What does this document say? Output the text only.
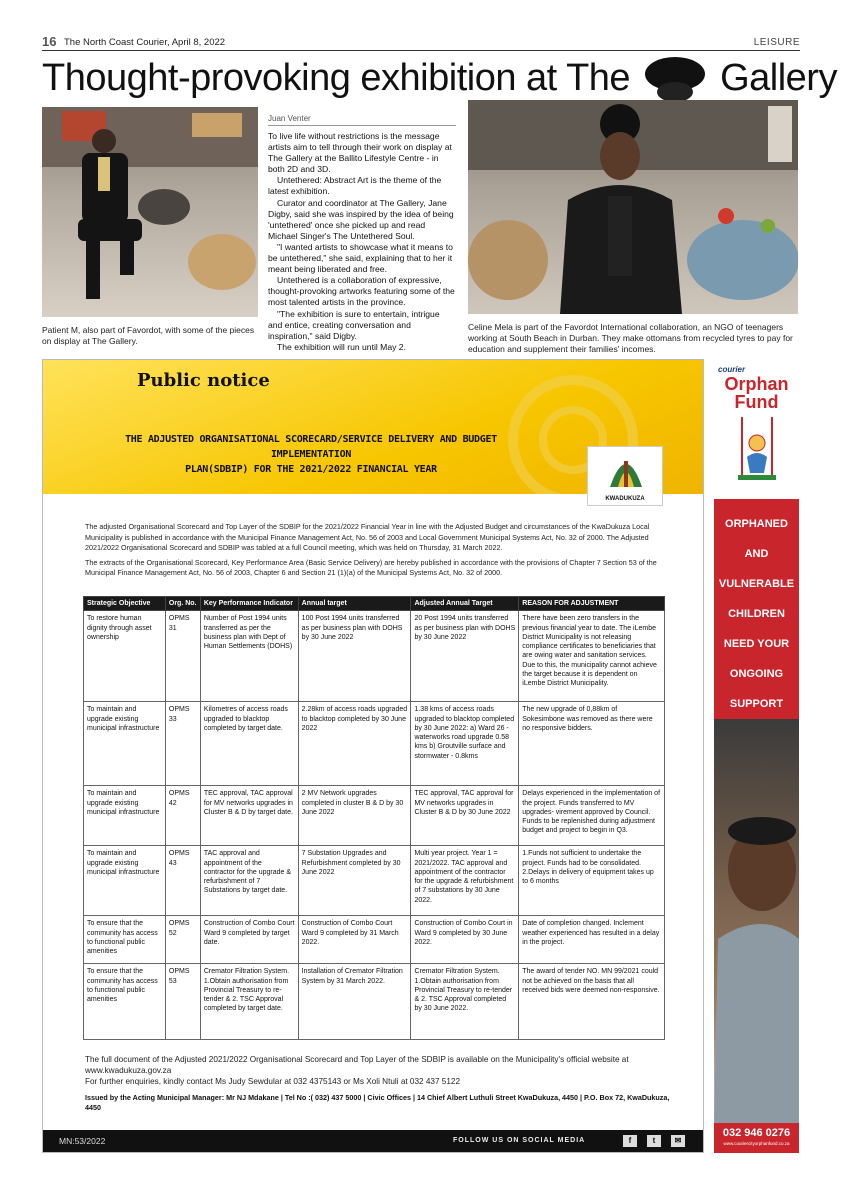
16 The North Coast Courier, April 8, 2022	LEISURE
Thought-provoking exhibition at The Gallery
Patient M, also part of Favordot, with some of the pieces on display at The Gallery.
Juan Venter

To live life without restrictions is the message artists aim to tell through their work on display at The Gallery at the Ballito Lifestyle Centre - in both 2D and 3D.

Untethered: Abstract Art is the theme of the latest exhibition.

Curator and coordinator at The Gallery, Jane Digby, said she was inspired by the idea of being 'untethered' once she picked up and read Michael Singer's The Untethered Soul.

"I wanted artists to showcase what it means to be untethered," she said, explaining that to her it meant being liberated and free.

Untethered is a collaboration of expressive, thought-provoking artworks featuring some of the most talented artists in the province.

"The exhibition is sure to entertain, intrigue and entice, creating conversation and inspiration," said Digby.

The exhibition will run until May 2.

Celine Mela is part of the Favordot International collaboration, an NGO of teenagers working at South Beach in Durban. They make ottomans from recycled tyres to pay for education and supplement their families' incomes.
Public notice
THE ADJUSTED ORGANISATIONAL SCORECARD/SERVICE DELIVERY AND BUDGET IMPLEMENTATION
PLAN(SDBIP) FOR THE 2021/2022 FINANCIAL YEAR
KWADUKUZA

The adjusted Organisational Scorecard and Top Layer of the SDBIP for the 2021/2022 Financial Year in line with the Adjusted Budget and circumstances of the KwaDukuza Local Municipality is published in accordance with the Municipal Finance Management Act, No. 56 of 2003 and Local Government Municipal Systems Act, No. 32 of 2000. The Adjusted 2021/2022 Organisational Scorecard and SDBIP was tabled at a full Council meeting, which was held on Thursday, 31 March 2022.

The extracts of the Organisational Scorecard, Key Performance Area (Basic Service Delivery) are hereby published in accordance with the provisions of Chapter 7 Section 53 of the Municipal Finance Management Act, No. 56 of 2003, Chapter 6 and Section 21 (1)(a) of the Municipal Systems Act, No. 32 of 2000.

Strategic Objective	Org. No.	Key Performance Indicator	Annual target	Adjusted Annual Target	REASON FOR ADJUSTMENT
To restore human dignity through asset ownership	OPMS 31	Number of Post 1994 units transferred as per the business plan with Dept of Human Settlements (DOHS)	100 Post 1994 units transferred as per business plan with DOHS by 30 June 2022	20 Post 1994 units transferred as per business plan with DOHS by 30 June 2022	There have been zero transfers in the previous financial year to date. The iLembe District Municipality is not releasing compliance certificates to beneficiaries that are owing water and sanitation services. Due to this, the municipality cannot achieve the target because it is dependent on iLembe District Municipality.
To maintain and upgrade existing municipal infrastructure	OPMS 33	Kilometres of access roads upgraded to blacktop completed by target date.	2.28km of access roads upgraded to blacktop completed by 30 June 2022	1.38 kms of access roads upgraded to blacktop completed by 30 June 2022: a) Ward 26 - waterworks road upgrade 0.58 kms b) Groutville surface and stormwater - 0.8kms	The new upgrade of 0,88km of Sokesimbone was removed as there were no responsive bidders.
To maintain and upgrade existing municipal infrastructure	OPMS 42	TEC approval, TAC approval for MV networks upgrades in Cluster B & D by target date.	2 MV Network upgrades completed in cluster B & D by 30 June 2022	TEC approval, TAC approval for MV networks upgrades in Cluster B & D by 30 June 2022	Delays experienced in the implementation of the project. Funds transferred to MV upgrades- virement approved by Council. Funds to be replenished during adjustment budget and project to begin in Q3.
To maintain and upgrade existing municipal infrastructure	OPMS 43	TAC approval and appointment of the contractor for the upgrade & refurbishment of 7 Substations by target date.	7 Substation Upgrades and Refurbishment completed by 30 June 2022	Multi year project. Year 1 = 2021/2022. TAC approval and appointment of the contractor for the upgrade & refurbishment of 7 substations by 30 June 2022.	1.Funds not sufficient to undertake the project. Funds had to be consolidated. 2.Delays in delivery of equipment takes up to 6 months
To ensure that the community has access to functional public amenities	OPMS 52	Construction of Combo Court Ward 9 completed by target date.	Construction of Combo Court Ward 9 completed by 31 March 2022.	Construction of Combo Court in Ward 9 completed by 30 June 2022.	Date of completion changed. Inclement weather experienced has resulted in a delay in the project.
To ensure that the community has access to functional public amenities	OPMS 53	Cremator Filtration System. 1.Obtain authorisation from Provincial Treasury to re-tender & 2. TSC Approval completed by target date.	Installation of Cremator Filtration System by 31 March 2022.	Cremator Filtration System. 1.Obtain authorisation from Provincial Treasury to re-tender & 2. TSC Approval completed by 30 June 2022.	The award of tender NO. MN 99/2021 could not be achieved on the basis that all received bids were deemed non-responsive.
The full document of the Adjusted 2021/2022 Organisational Scorecard and Top Layer of the SDBIP is available on the Municipality's official website at www.kwadukuza.gov.za
For further enquiries, kindly contact Ms Judy Sewdular at 032 4375143 or Ms Xoli Ntuli at 032 437 5122
Issued by the Acting Municipal Manager: Mr NJ Mdakane | Tel No :( 032) 437 5000 | Civic Offices | 14 Chief Albert Luthuli Street KwaDukuza, 4450 | P.O. Box 72, KwaDukuza, 4450
MN:53/2022	FOLLOW US ON SOCIAL MEDIA	f	t	✉
courier
Orphan
Fund
ORPHANED
AND
VULNERABLE
CHILDREN
NEED YOUR
ONGOING
SUPPORT
032 946 0276
www.couriercityorphanfund.co.za
